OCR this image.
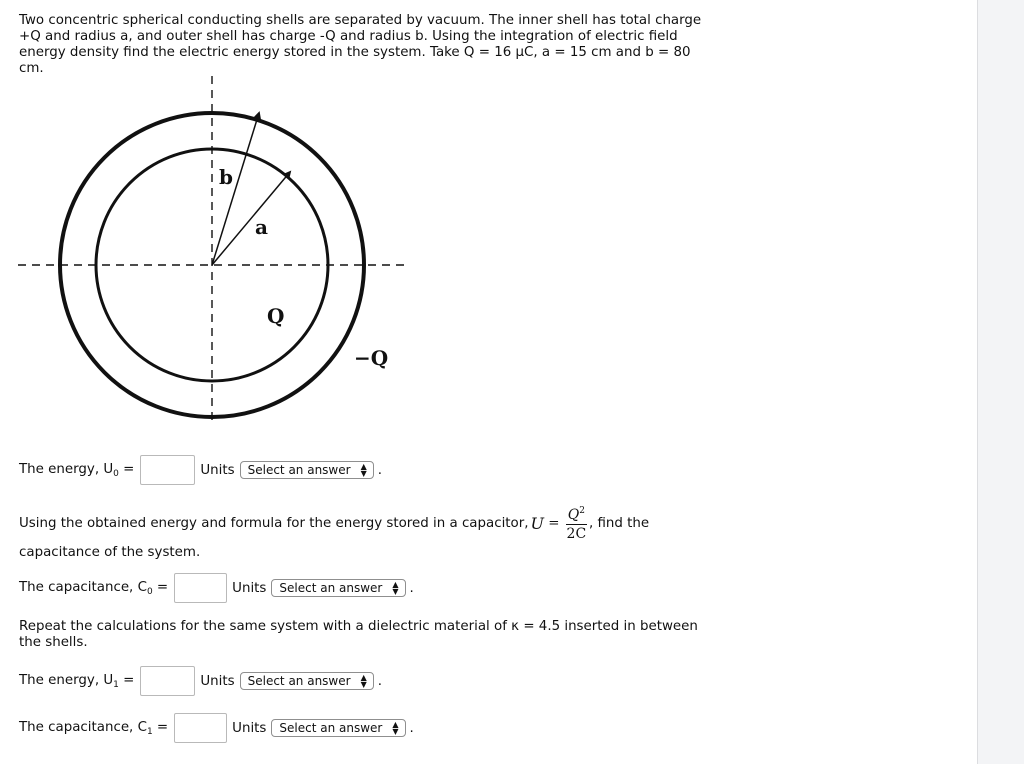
Two concentric spherical conducting shells are separated by vacuum. The inner shell has total charge +Q and radius a, and outer shell has charge -Q and radius b. Using the integration of electric field energy density find the electric energy stored in the system. Take Q = 16 μC, a = 15 cm and b = 80 cm.
b
a
Q
−Q
The energy, $U_0$ =	Units Select an answer ▲
▼ .
Using the obtained energy and formula for the energy stored in a capacitor, $U = \frac{Q^2}{2C}$ , find the
capacitance of the system.
The capacitance, $C_0$ =	Units Select an answer ▲
▼ .
Repeat the calculations for the same system with a dielectric material of κ = 4.5 inserted in between the shells.
The energy, $U_1$ =	Units Select an answer ▲
▼ .
The capacitance, $C_1$ =	Units Select an answer ▲
▼ .
